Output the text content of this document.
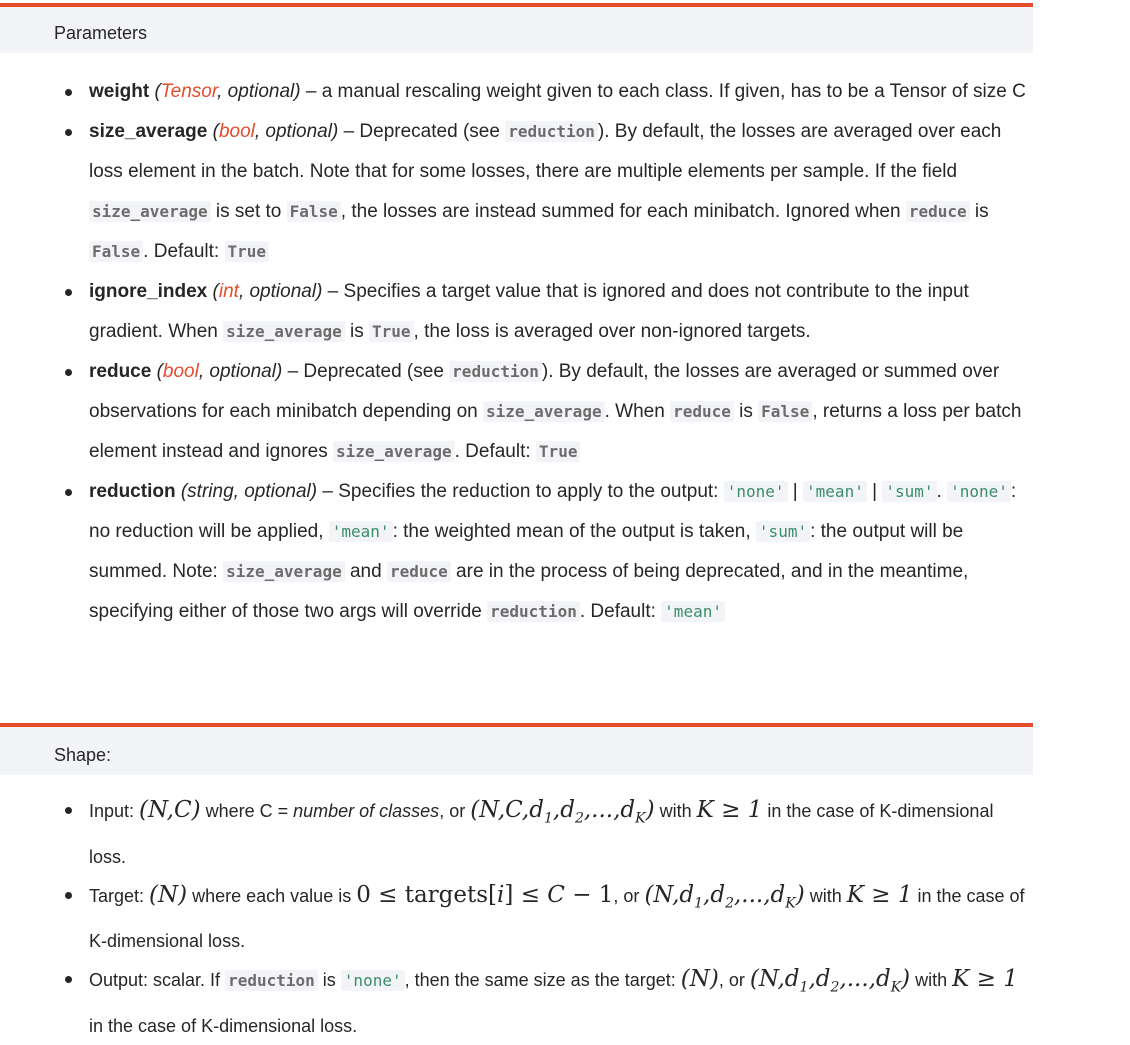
Parameters
weight (Tensor, optional) – a manual rescaling weight given to each class. If given, has to be a Tensor of size C
size_average (bool, optional) – Deprecated (see reduction ). By default, the losses are averaged over each loss element in the batch. Note that for some losses, there are multiple elements per sample. If the field size_average is set to False , the losses are instead summed for each minibatch. Ignored when reduce is False . Default: True
ignore_index (int, optional) – Specifies a target value that is ignored and does not contribute to the input gradient. When size_average is True , the loss is averaged over non-ignored targets.
reduce (bool, optional) – Deprecated (see reduction ). By default, the losses are averaged or summed over observations for each minibatch depending on size_average . When reduce is False , returns a loss per batch element instead and ignores size_average . Default: True
reduction (string, optional) – Specifies the reduction to apply to the output: 'none' | 'mean' | 'sum' . 'none' : no reduction will be applied, 'mean' : the weighted mean of the output is taken, 'sum' : the output will be summed. Note: size_average and reduce are in the process of being deprecated, and in the meantime, specifying either of those two args will override reduction . Default: 'mean'
Shape:
Input: (N,C) where C = number of classes, or $(N,C,d_1,d_2,...,d_K)$ with K ≥ 1 in the case of K-dimensional loss.
Target: (N) where each value is 0 ≤ targets[i] ≤ C − 1, or $(N,d_1,d_2,...,d_K)$ with K ≥ 1 in the case of K-dimensional loss.
Output: scalar. If reduction is 'none' , then the same size as the target: (N), or $(N,d_1,d_2,...,d_K)$ with K ≥ 1 in the case of K-dimensional loss.
